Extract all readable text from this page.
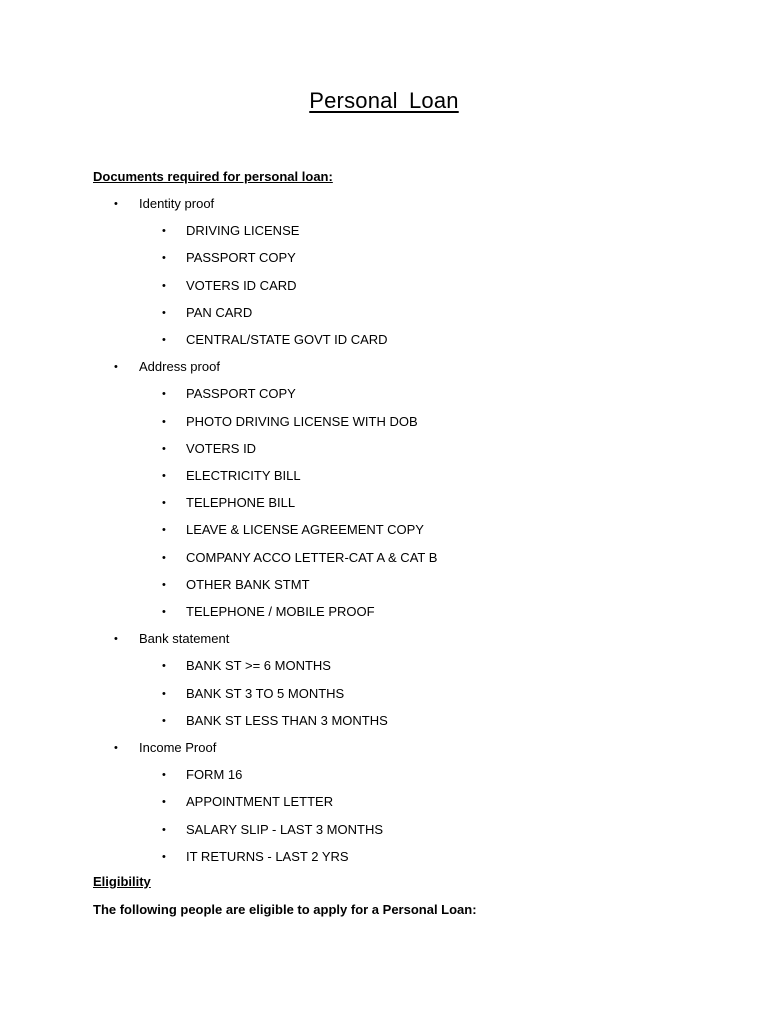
Personal Loan
Documents required for personal loan:
• Identity proof
• DRIVING LICENSE
• PASSPORT COPY
• VOTERS ID CARD
• PAN CARD
• CENTRAL/STATE GOVT ID CARD
• Address proof
• PASSPORT COPY
• PHOTO DRIVING LICENSE WITH DOB
• VOTERS ID
• ELECTRICITY BILL
• TELEPHONE BILL
• LEAVE & LICENSE AGREEMENT COPY
• COMPANY ACCO LETTER-CAT A & CAT B
• OTHER BANK STMT
• TELEPHONE / MOBILE PROOF
• Bank statement
• BANK ST >= 6 MONTHS
• BANK ST 3 TO 5 MONTHS
• BANK ST LESS THAN 3 MONTHS
• Income Proof
• FORM 16
• APPOINTMENT LETTER
• SALARY SLIP - LAST 3 MONTHS
• IT RETURNS - LAST 2 YRS
Eligibility
The following people are eligible to apply for a Personal Loan:
